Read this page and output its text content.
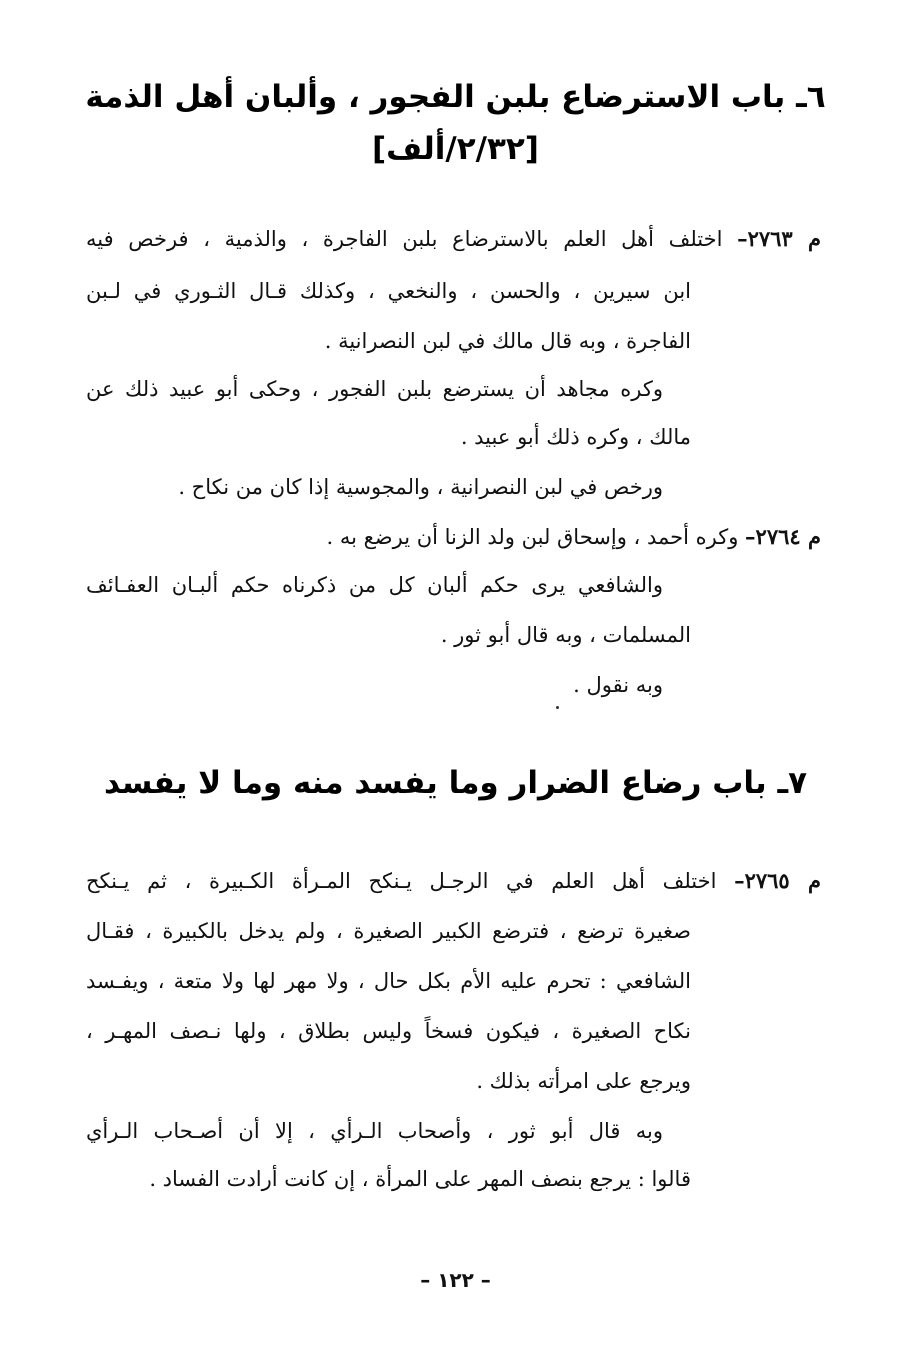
٦ـ باب الاسترضاع بلبن الفجور ، وألبان أهل الذمة
[٢/٣٢/ألف]
م ٢٧٦٣– اختلف أهل العلم بالاسترضاع بلبن الفاجرة ، والذمية ، فرخص فيه
ابن سيرين ، والحسن ، والنخعي ، وكذلك قـال الثـوري في لـبن
الفاجرة ، وبه قال مالك في لبن النصرانية .
وكره مجاهد أن يسترضع بلبن الفجور ، وحكى أبو عبيد ذلك عن
مالك ، وكره ذلك أبو عبيد .
ورخص في لبن النصرانية ، والمجوسية إذا كان من نكاح .
م ٢٧٦٤– وكره أحمد ، وإسحاق لبن ولد الزنا أن يرضع به .
والشافعي يرى حكم ألبان كل من ذكرناه حكم ألبـان العفـائف
المسلمات ، وبه قال أبو ثور .
وبه نقول .
٧ـ باب رضاع الضرار وما يفسد منه وما لا يفسد
م ٢٧٦٥– اختلف أهل العلم في الرجـل يـنكح المـرأة الكـبيرة ، ثم يـنكح
صغيرة ترضع ، فترضع الكبير الصغيرة ، ولم يدخل بالكبيرة ، فقـال
الشافعي : تحرم عليه الأم بكل حال ، ولا مهر لها ولا متعة ، ويفـسد
نكاح الصغيرة ، فيكون فسخاً وليس بطلاق ، ولها نـصف المهـر ،
ويرجع على امرأته بذلك .
وبه قال أبو ثور ، وأصحاب الـرأي ، إلا أن أصـحاب الـرأي
قالوا : يرجع بنصف المهر على المرأة ، إن كانت أرادت الفساد .
– ١٢٢ –
